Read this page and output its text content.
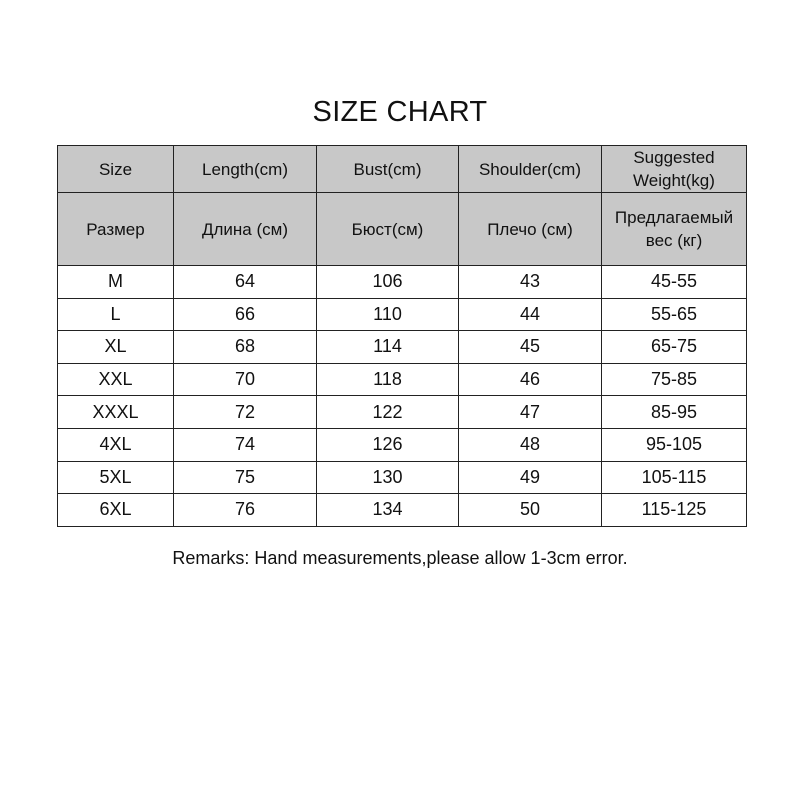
SIZE CHART
Size	Length(cm)	Bust(cm)	Shoulder(cm)	Suggested
Weight(kg)

Размер	Длина (см)	Бюст(см)	Плечо (см)	Предлагаемый
вес (кг)

M	64	106	43	45-55

L	66	110	44	55-65

XL	68	114	45	65-75

XXL	70	118	46	75-85

XXXL	72	122	47	85-95

4XL	74	126	48	95-105

5XL	75	130	49	105-115

6XL	76	134	50	115-125
Remarks: Hand measurements,please allow 1-3cm error.
